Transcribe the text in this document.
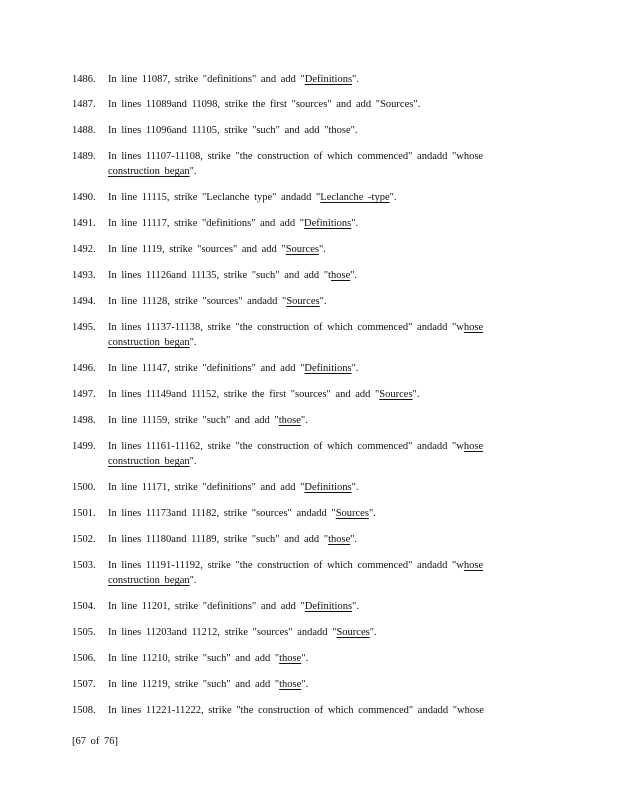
1486.	In line 11087, strike "definitions" and add "Definitions".
1487.	In lines 11089and 11098, strike the first "sources" and add "Sources".
1488.	In lines 11096and 11105, strike "such" and add "those".
1489.	In lines 11107-11108, strike "the construction of which commenced" andadd "whose construction began".
1490.	In line 11115, strike "Leclanche type" andadd "Leclanche -type".
1491.	In line 11117, strike "definitions" and add "Definitions".
1492.	In line 1119, strike "sources" and add "Sources".
1493.	In lines 11126and 11135, strike "such" and add "those".
1494.	In line 11128, strike "sources" andadd "Sources".
1495.	In lines 11137-11138, strike "the construction of which commenced" andadd "whose construction began".
1496.	In line 11147, strike "definitions" and add "Definitions".
1497.	In lines 11149and 11152, strike the first "sources" and add "Sources".
1498.	In line 11159, strike "such" and add "those".
1499.	In lines 11161-11162, strike "the construction of which commenced" andadd "whose construction began".
1500.	In line 11171, strike "definitions" and add "Definitions".
1501.	In lines 11173and 11182, strike "sources" andadd "Sources".
1502.	In lines 11180and 11189, strike "such" and add "those".
1503.	In lines 11191-11192, strike "the construction of which commenced" andadd "whose construction began".
1504.	In line 11201, strike "definitions" and add "Definitions".
1505.	In lines 11203and 11212, strike "sources" andadd "Sources".
1506.	In line 11210, strike "such" and add "those".
1507.	In line 11219, strike "such" and add "those".
1508.	In lines 11221-11222, strike "the construction of which commenced" andadd "whose
[67 of 76]
